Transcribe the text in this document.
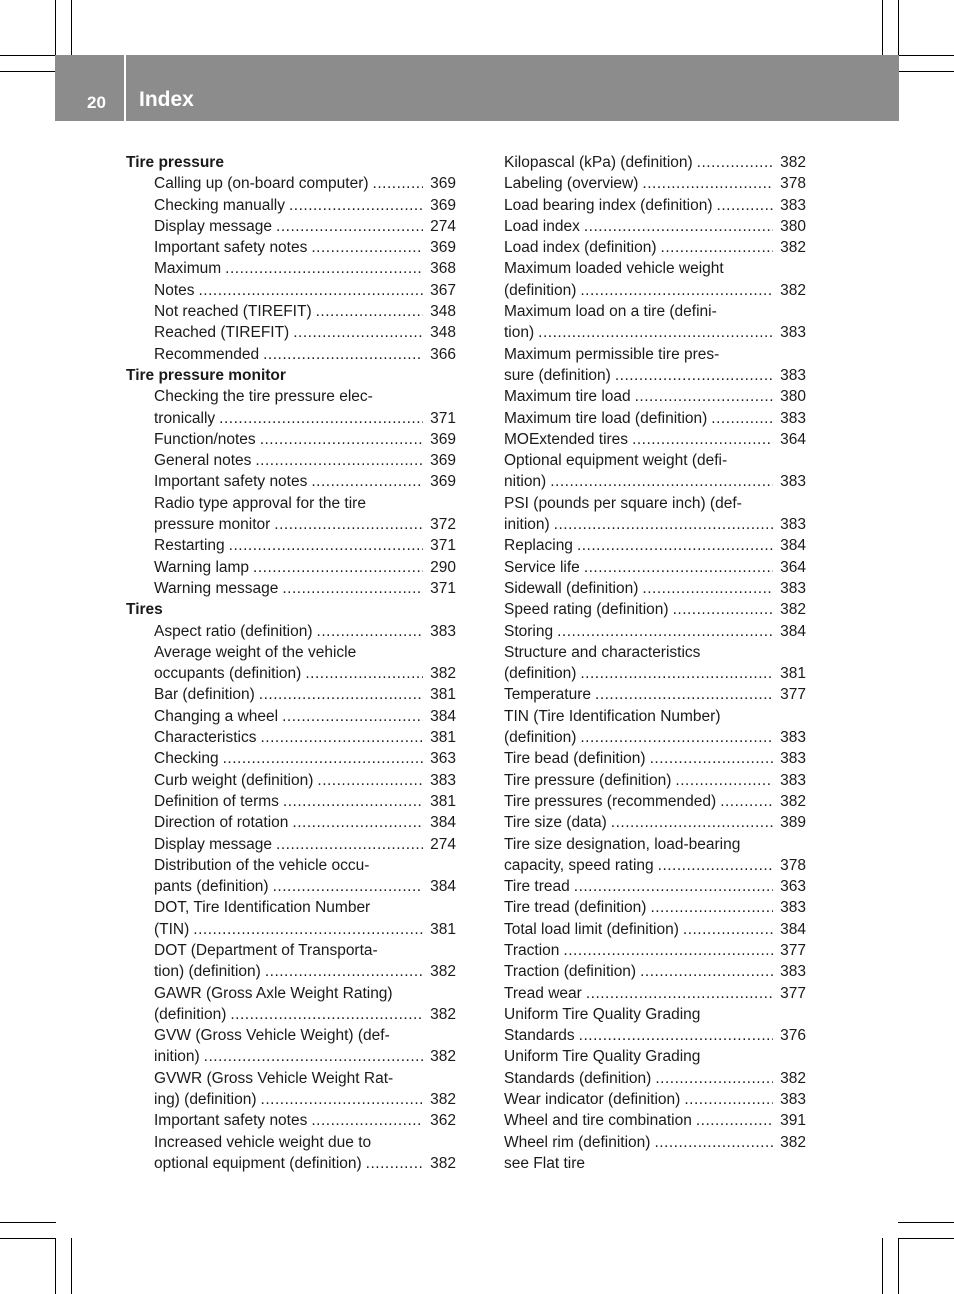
20 Index
Tire pressure
Calling up (on-board computer) .....	369
Checking manually .....	369
Display message .....	274
Important safety notes .....	369
Maximum .....	368
Notes .....	367
Not reached (TIREFIT) .....	348
Reached (TIREFIT) .....	348
Recommended .....	366
Tire pressure monitor
Checking the tire pressure elec-
tronically .....	371
Function/notes .....	369
General notes .....	369
Important safety notes .....	369
Radio type approval for the tire
pressure monitor .....	372
Restarting .....	371
Warning lamp .....	290
Warning message .....	371
Tires
Aspect ratio (definition) .....	383
Average weight of the vehicle
occupants (definition) .....	382
Bar (definition) .....	381
Changing a wheel .....	384
Characteristics .....	381
Checking .....	363
Curb weight (definition) .....	383
Definition of terms .....	381
Direction of rotation .....	384
Display message .....	274
Distribution of the vehicle occu-
pants (definition) .....	384
DOT, Tire Identification Number
(TIN) .....	381
DOT (Department of Transporta-
tion) (definition) .....	382
GAWR (Gross Axle Weight Rating)
(definition) .....	382
GVW (Gross Vehicle Weight) (def-
inition) .....	382
GVWR (Gross Vehicle Weight Rat-
ing) (definition) .....	382
Important safety notes .....	362
Increased vehicle weight due to
optional equipment (definition) .....	382
Kilopascal (kPa) (definition) .....	382
Labeling (overview) .....	378
Load bearing index (definition) .....	383
Load index .....	380
Load index (definition) .....	382
Maximum loaded vehicle weight
(definition) .....	382
Maximum load on a tire (defini-
tion) .....	383
Maximum permissible tire pres-
sure (definition) .....	383
Maximum tire load .....	380
Maximum tire load (definition) .....	383
MOExtended tires .....	364
Optional equipment weight (defi-
nition) .....	383
PSI (pounds per square inch) (def-
inition) .....	383
Replacing .....	384
Service life .....	364
Sidewall (definition) .....	383
Speed rating (definition) .....	382
Storing .....	384
Structure and characteristics
(definition) .....	381
Temperature .....	377
TIN (Tire Identification Number)
(definition) .....	383
Tire bead (definition) .....	383
Tire pressure (definition) .....	383
Tire pressures (recommended) .....	382
Tire size (data) .....	389
Tire size designation, load-bearing
capacity, speed rating .....	378
Tire tread .....	363
Tire tread (definition) .....	383
Total load limit (definition) .....	384
Traction .....	377
Traction (definition) .....	383
Tread wear .....	377
Uniform Tire Quality Grading
Standards .....	376
Uniform Tire Quality Grading
Standards (definition) .....	382
Wear indicator (definition) .....	383
Wheel and tire combination .....	391
Wheel rim (definition) .....	382
see Flat tire
